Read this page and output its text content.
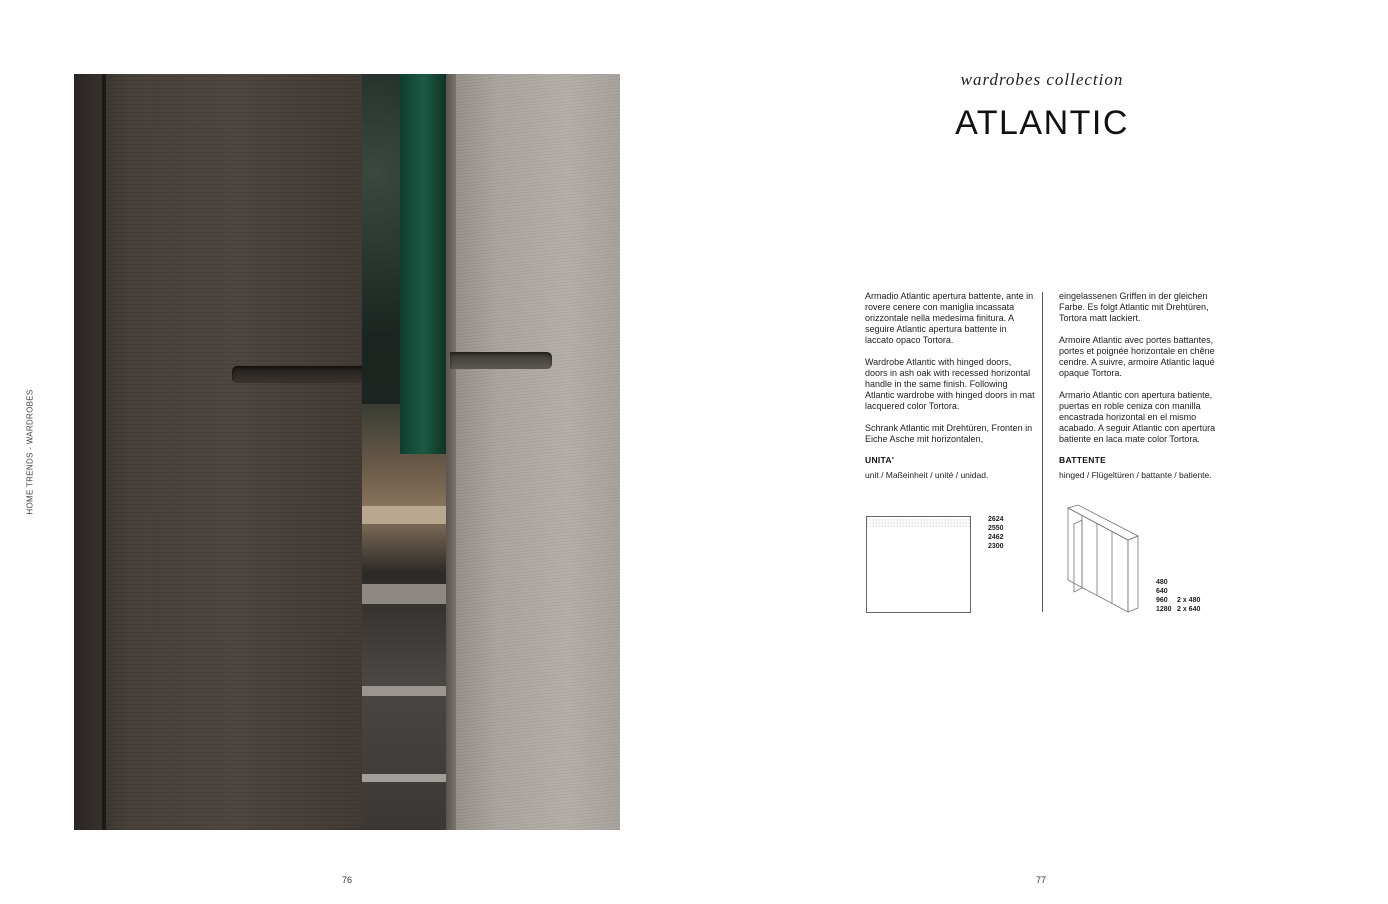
HOME TRENDS - WARDROBES
76
wardrobes collection
ATLANTIC

Armadio Atlantic apertura battente, ante in rovere cenere con maniglia incassata orizzontale nella medesima finitura. A seguire Atlantic apertura battente in laccato opaco Tortora.

Wardrobe Atlantic with hinged doors, doors in ash oak with recessed horizontal handle in the same finish. Following Atlantic wardrobe with hinged doors in mat lacquered color Tortora.

Schrank Atlantic mit Drehtüren, Fronten in Eiche Asche mit horizontalen,

eingelassenen Griffen in der gleichen Farbe. Es folgt Atlantic mit Drehtüren, Tortora matt lackiert.

Armoire Atlantic avec portes battantes, portes et poignée horizontale en chêne cendre. A suivre, armoire Atlantic laqué opaque Tortora.

Armario Atlantic con apertura batiente, puertas en roble ceniza con manilla encastrada horizontal en el mismo acabado. A seguir Atlantic con apertura batiente en laca mate color Tortora.

UNITA'
unit / Maßeinheit / unité / unidad.
2624
2550
2462
2300
BATTENTE
hinged / Flügeltüren / battante / batiente.
480
640
960 2 x 480
1280 2 x 640
77
